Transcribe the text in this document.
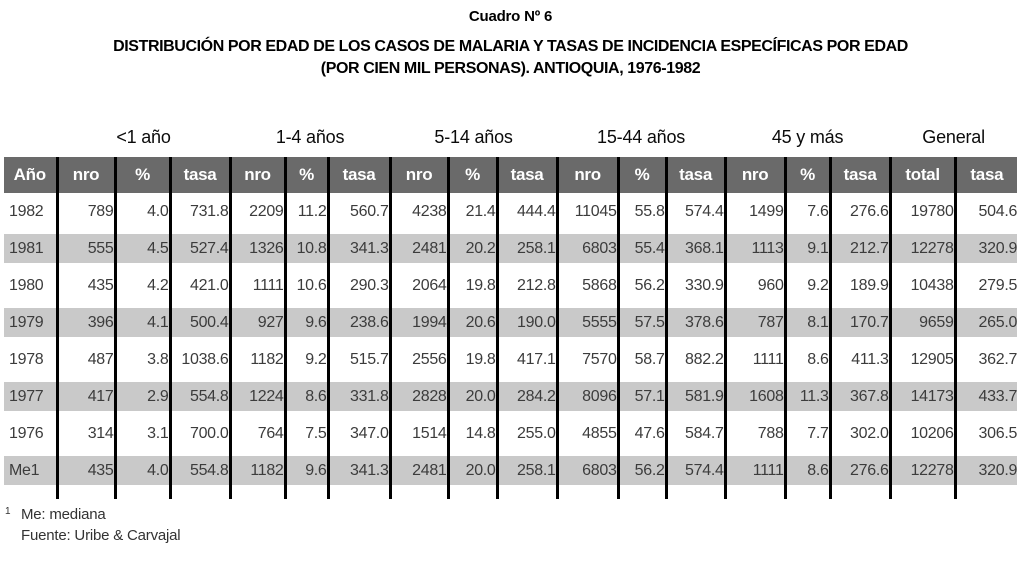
Cuadro Nº 6
DISTRIBUCIÓN POR EDAD DE LOS CASOS DE MALARIA Y TASAS DE INCIDENCIA ESPECÍFICAS POR EDAD
(POR CIEN MIL PERSONAS). ANTIOQUIA, 1976-1982
	<1 año			1-4 años			5-14 años			15-44 años			45 y más			General	
Año	nro	%	tasa	nro	%	tasa	nro	%	tasa	nro	%	tasa	nro	%	tasa	total	tasa
1982	789	4.0	731.8	2209	11.2	560.7	4238	21.4	444.4	11045	55.8	574.4	1499	7.6	276.6	19780	504.6
1981	555	4.5	527.4	1326	10.8	341.3	2481	20.2	258.1	6803	55.4	368.1	1113	9.1	212.7	12278	320.9
1980	435	4.2	421.0	1111	10.6	290.3	2064	19.8	212.8	5868	56.2	330.9	960	9.2	189.9	10438	279.5
1979	396	4.1	500.4	927	9.6	238.6	1994	20.6	190.0	5555	57.5	378.6	787	8.1	170.7	9659	265.0
1978	487	3.8	1038.6	1182	9.2	515.7	2556	19.8	417.1	7570	58.7	882.2	1111	8.6	411.3	12905	362.7
1977	417	2.9	554.8	1224	8.6	331.8	2828	20.0	284.2	8096	57.1	581.9	1608	11.3	367.8	14173	433.7
1976	314	3.1	700.0	764	7.5	347.0	1514	14.8	255.0	4855	47.6	584.7	788	7.7	302.0	10206	306.5
Me1	435	4.0	554.8	1182	9.6	341.3	2481	20.0	258.1	6803	56.2	574.4	1111	8.6	276.6	12278	320.9

1 Me: mediana
Fuente: Uribe & Carvajal
